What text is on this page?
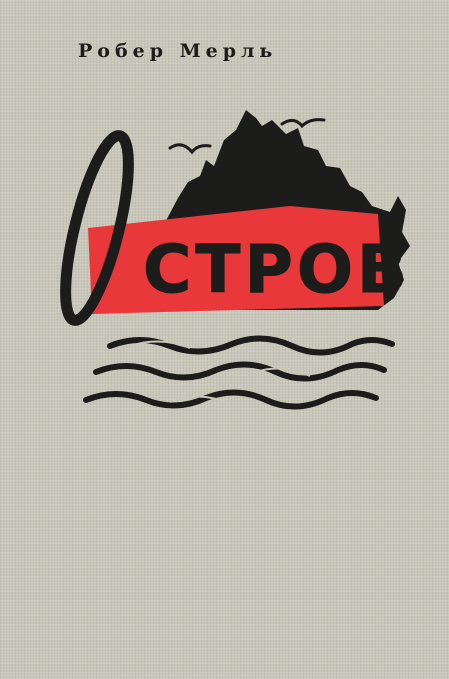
Робер Мерль
СТРОВ
